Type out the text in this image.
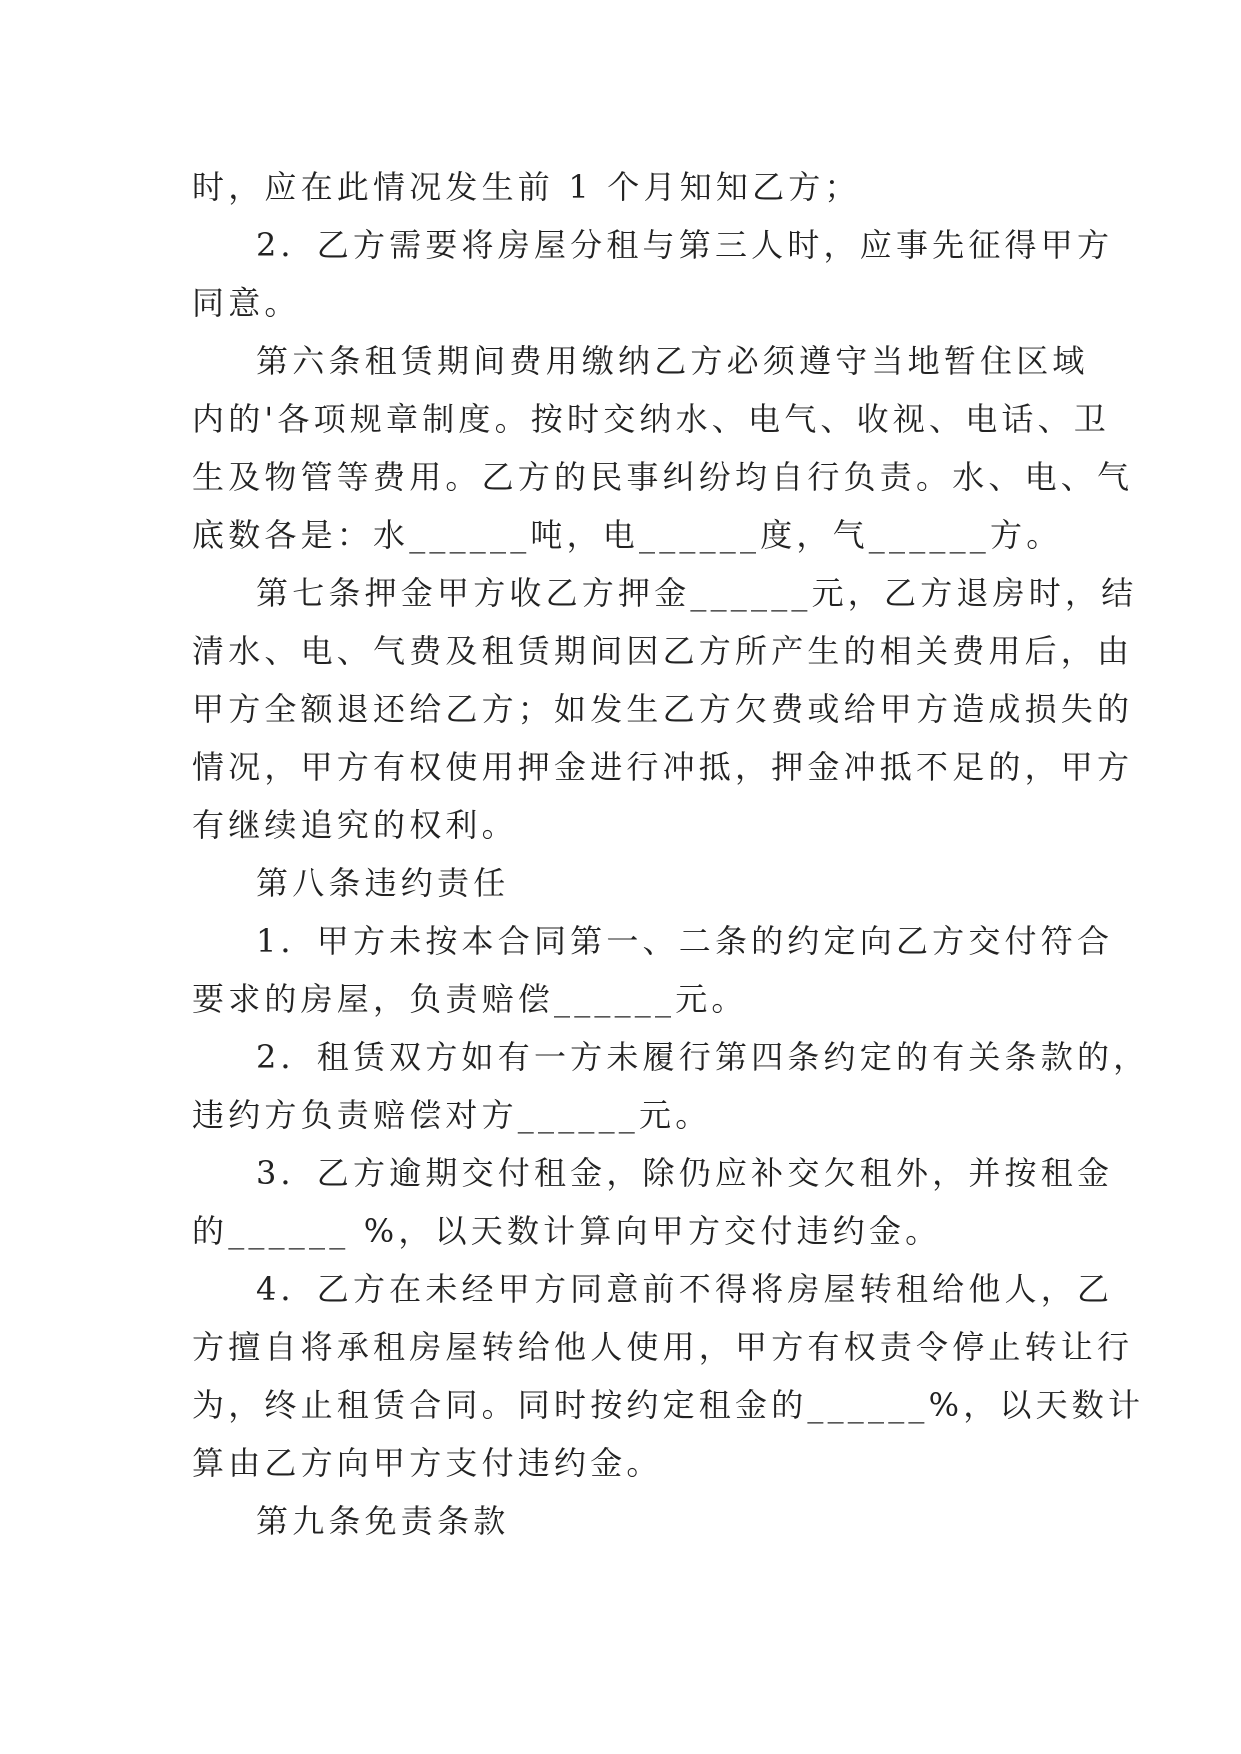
时，应在此情况发生前 1 个月知知乙方；
2．乙方需要将房屋分租与第三人时，应事先征得甲方
同意。
第六条租赁期间费用缴纳乙方必须遵守当地暂住区域
内的'各项规章制度。按时交纳水、电气、收视、电话、卫
生及物管等费用。乙方的民事纠纷均自行负责。水、电、气
底数各是：水______吨，电______度，气______方。
第七条押金甲方收乙方押金______元，乙方退房时，结
清水、电、气费及租赁期间因乙方所产生的相关费用后，由
甲方全额退还给乙方；如发生乙方欠费或给甲方造成损失的
情况，甲方有权使用押金进行冲抵，押金冲抵不足的，甲方
有继续追究的权利。
第八条违约责任
1．甲方未按本合同第一、二条的约定向乙方交付符合
要求的房屋，负责赔偿______元。
2．租赁双方如有一方未履行第四条约定的有关条款的，
违约方负责赔偿对方______元。
3．乙方逾期交付租金，除仍应补交欠租外，并按租金
的______ %，以天数计算向甲方交付违约金。
4．乙方在未经甲方同意前不得将房屋转租给他人，乙
方擅自将承租房屋转给他人使用，甲方有权责令停止转让行
为，终止租赁合同。同时按约定租金的______%，以天数计
算由乙方向甲方支付违约金。
第九条免责条款
